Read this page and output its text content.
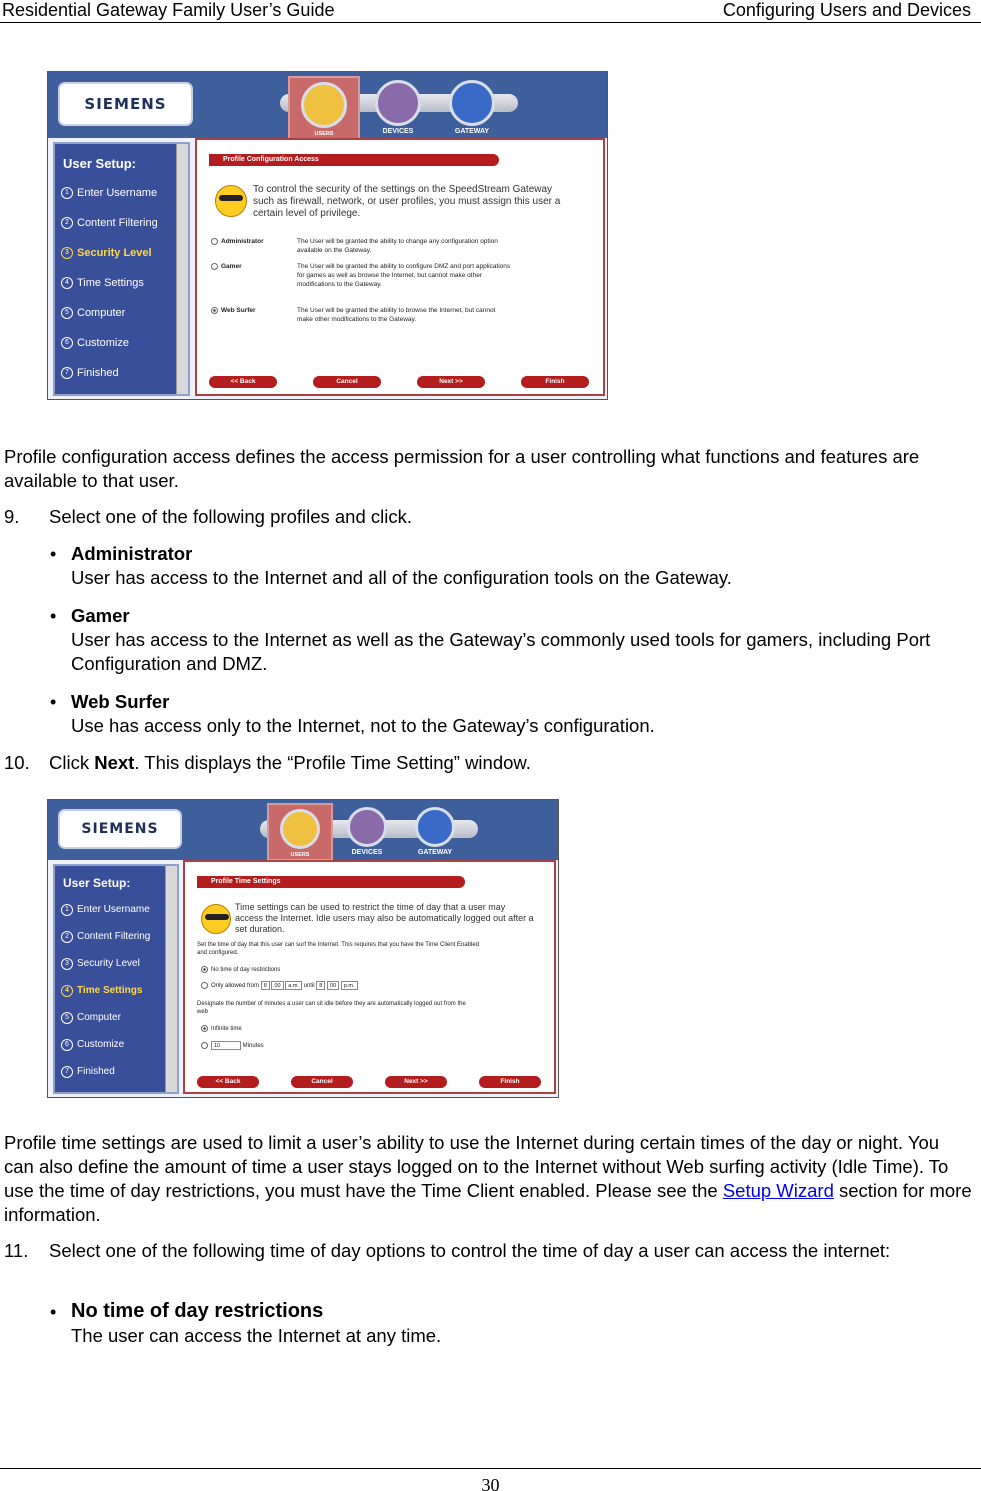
Residential Gateway Family User’s Guide	Configuring Users and Devices
SIEMENS
USERS	DEVICES	GATEWAY
User Setup:
1 Enter Username
2 Content Filtering
3 Security Level
4 Time Settings
5 Computer
6 Customize
7 Finished
Profile Configuration Access
To control the security of the settings on the SpeedStream Gateway such as firewall, network, or user profiles, you must assign this user a certain level of privilege.
Administrator	The User will be granted the ability to change any configuration option available on the Gateway.
Gamer	The User will be granted the ability to configure DMZ and port applications for games as well as browse the Internet, but cannot make other modifications to the Gateway.
Web Surfer	The User will be granted the ability to browse the Internet, but cannot make other modifications to the Gateway.
<< Back	Cancel	Next >>	Finish
Profile configuration access defines the access permission for a user controlling what functions and features are available to that user.
9. Select one of the following profiles and click.
• Administrator
User has access to the Internet and all of the configuration tools on the Gateway.
• Gamer
User has access to the Internet as well as the Gateway’s commonly used tools for gamers, including Port Configuration and DMZ.
• Web Surfer
Use has access only to the Internet, not to the Gateway’s configuration.
10. Click Next. This displays the “Profile Time Setting” window.
SIEMENS
USERS	DEVICES	GATEWAY
User Setup:
1 Enter Username
2 Content Filtering
3 Security Level
4 Time Settings
5 Computer
6 Customize
7 Finished
Profile Time Settings
Time settings can be used to restrict the time of day that a user may access the Internet. Idle users may also be automatically logged out after a set duration.
Set the time of day that this user can surf the Internet. This requires that you have the Time Client Enabled and configured.
No time of day restrictions
Only allowed from 8 00 a.m. until 8 00 p.m.
Designate the number of minutes a user can sit idle before they are automatically logged out from the web
Infinite time
10	Minutes
<< Back	Cancel	Next >>	Finish
Profile time settings are used to limit a user’s ability to use the Internet during certain times of the day or night. You can also define the amount of time a user stays logged on to the Internet without Web surfing activity (Idle Time). To use the time of day restrictions, you must have the Time Client enabled. Please see the Setup Wizard section for more information.
11. Select one of the following time of day options to control the time of day a user can access the internet:
• No time of day restrictions
The user can access the Internet at any time.
30
